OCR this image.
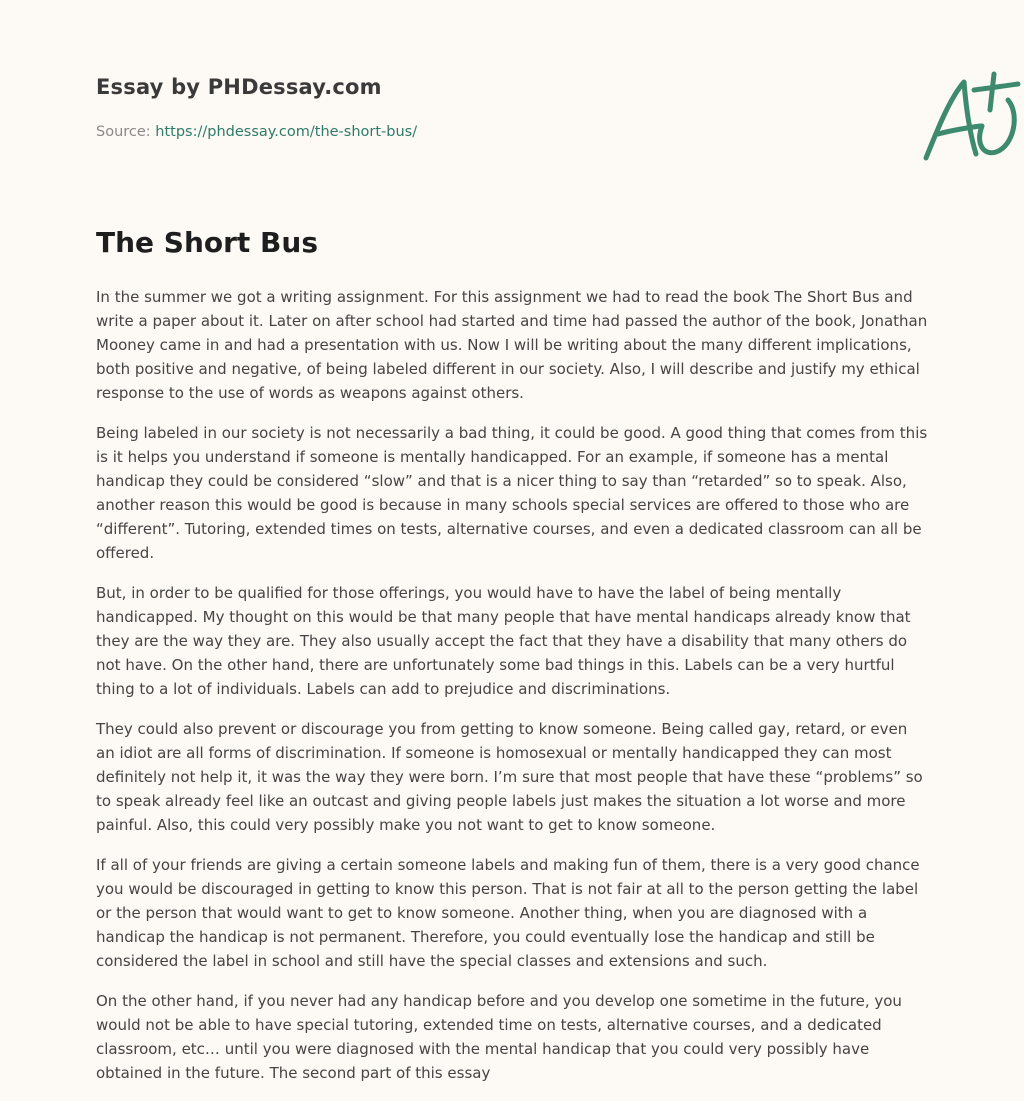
Essay by PHDessay.com
Source: https://phdessay.com/the-short-bus/
The Short Bus

In the summer we got a writing assignment. For this assignment we had to read the book The Short Bus and write a paper about it. Later on after school had started and time had passed the author of the book, Jonathan Mooney came in and had a presentation with us. Now I will be writing about the many different implications, both positive and negative, of being labeled different in our society. Also, I will describe and justify my ethical response to the use of words as weapons against others.

Being labeled in our society is not necessarily a bad thing, it could be good. A good thing that comes from this is it helps you understand if someone is mentally handicapped. For an example, if someone has a mental handicap they could be considered “slow” and that is a nicer thing to say than “retarded” so to speak. Also, another reason this would be good is because in many schools special services are offered to those who are “different”. Tutoring, extended times on tests, alternative courses, and even a dedicated classroom can all be offered.

But, in order to be qualified for those offerings, you would have to have the label of being mentally handicapped. My thought on this would be that many people that have mental handicaps already know that they are the way they are. They also usually accept the fact that they have a disability that many others do not have. On the other hand, there are unfortunately some bad things in this. Labels can be a very hurtful thing to a lot of individuals. Labels can add to prejudice and discriminations.

They could also prevent or discourage you from getting to know someone. Being called gay, retard, or even an idiot are all forms of discrimination. If someone is homosexual or mentally handicapped they can most definitely not help it, it was the way they were born. I’m sure that most people that have these “problems” so to speak already feel like an outcast and giving people labels just makes the situation a lot worse and more painful. Also, this could very possibly make you not want to get to know someone.

If all of your friends are giving a certain someone labels and making fun of them, there is a very good chance you would be discouraged in getting to know this person. That is not fair at all to the person getting the label or the person that would want to get to know someone. Another thing, when you are diagnosed with a handicap the handicap is not permanent. Therefore, you could eventually lose the handicap and still be considered the label in school and still have the special classes and extensions and such.

On the other hand, if you never had any handicap before and you develop one sometime in the future, you would not be able to have special tutoring, extended time on tests, alternative courses, and a dedicated classroom, etc… until you were diagnosed with the mental handicap that you could very possibly have obtained in the future. The second part of this essay
